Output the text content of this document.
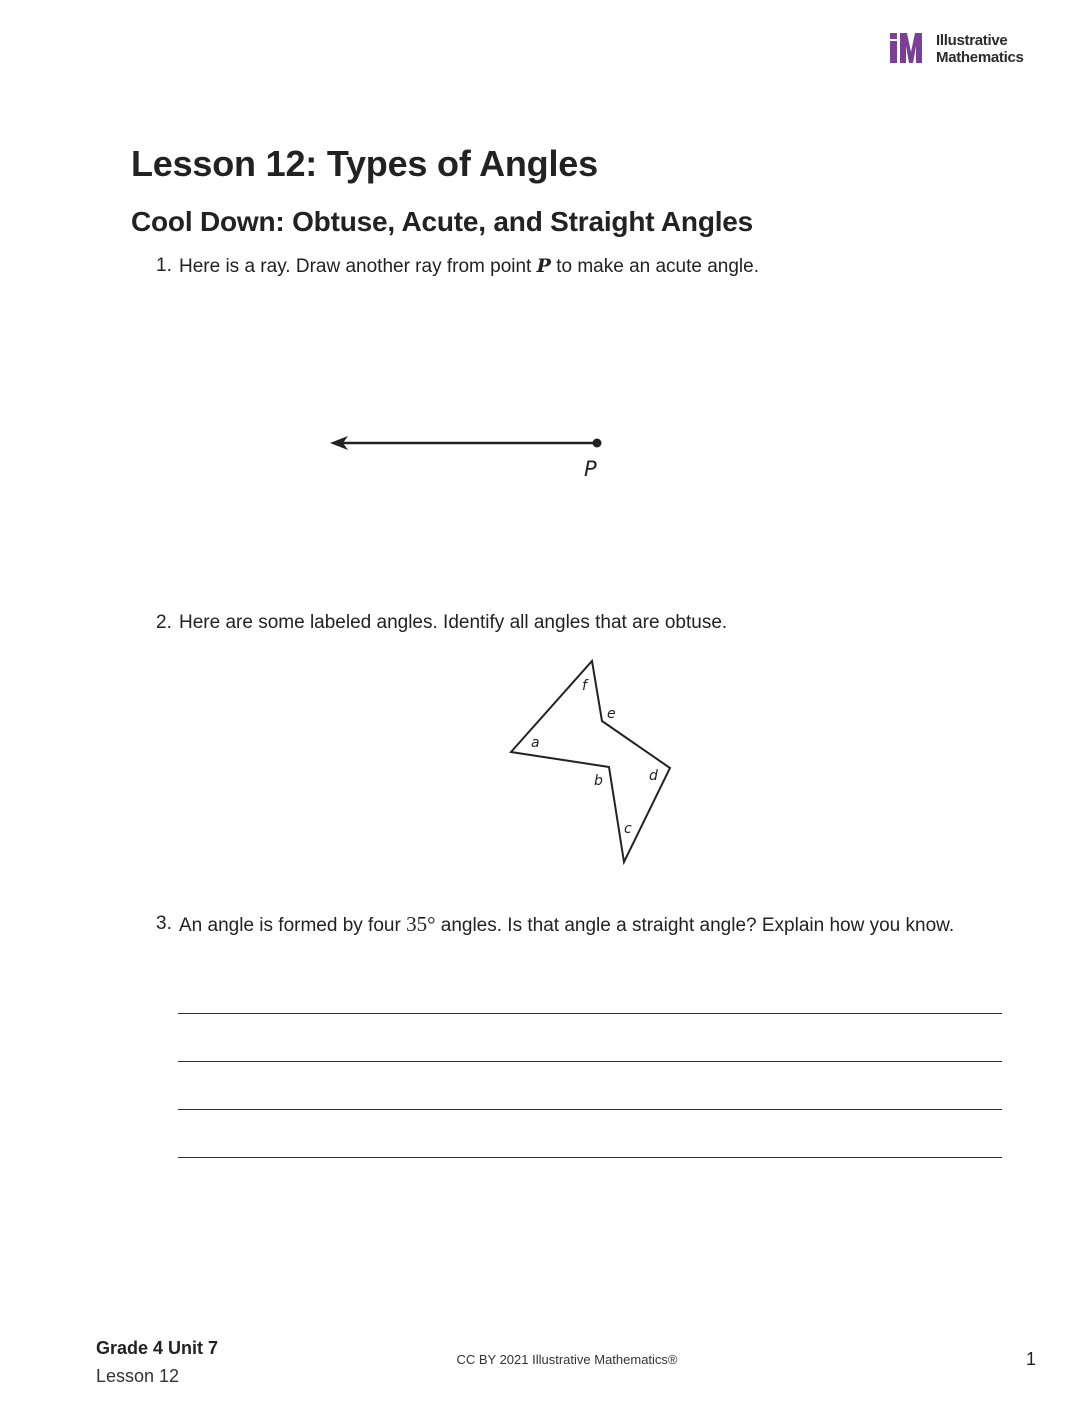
Illustrative
Mathematics
Lesson 12: Types of Angles
Cool Down: Obtuse, Acute, and Straight Angles
1. Here is a ray. Draw another ray from point P to make an acute angle.
P
2. Here are some labeled angles. Identify all angles that are obtuse.
f
e
a
b	d
c
3. An angle is formed by four 35° angles. Is that angle a straight angle? Explain how you know.
Grade 4 Unit 7
Lesson 12
CC BY 2021 Illustrative Mathematics®	1
